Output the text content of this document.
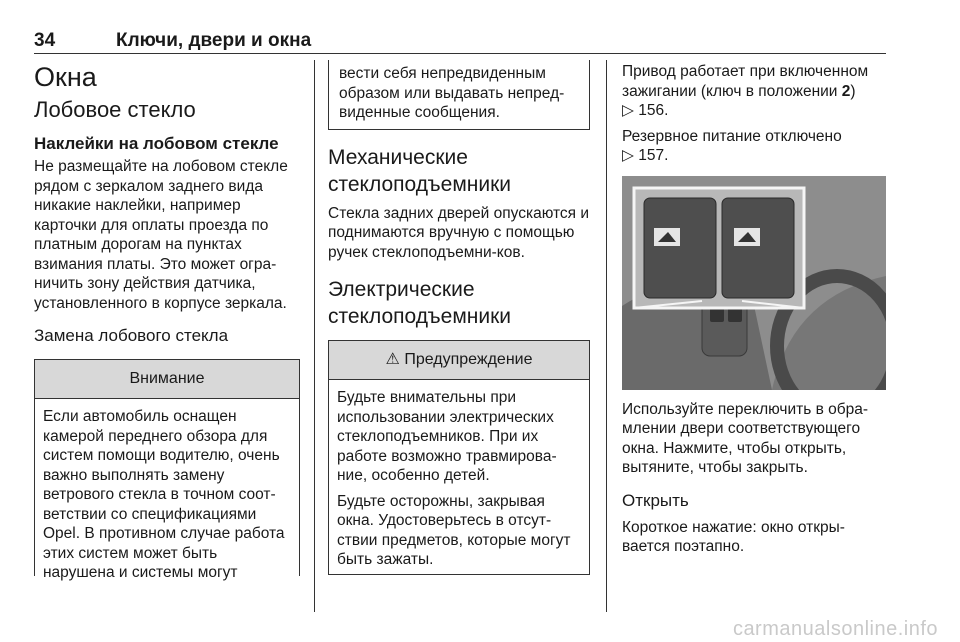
34	Ключи, двери и окна
Окна
Лобовое стекло
Наклейки на лобовом стекле

Не размещайте на лобовом стекле рядом с зеркалом заднего вида никакие наклейки, например карточки для оплаты проезда по платным дорогам на пунктах взимания платы. Это может огра-ничить зону действия датчика, установленного в корпусе зеркала.

Замена лобового стекла
Внимание

Если автомобиль оснащен камерой переднего обзора для систем помощи водителю, очень важно выполнять замену ветрового стекла в точном соот-ветствии со спецификациями Opel. В противном случае работа этих систем может быть нарушена и системы могут

вести себя непредвиденным образом или выдавать непред-виденные сообщения.

Механические стеклоподъемники

Стекла задних дверей опускаются и поднимаются вручную с помощью ручек стеклоподъемни-ков.

Электрические стеклоподъемники
⚠ Предупреждение

Будьте внимательны при использовании электрических стеклоподъемников. При их работе возможно травмирова-ние, особенно детей.

Будьте осторожны, закрывая окна. Удостоверьтесь в отсут-ствии предметов, которые могут быть зажаты.

Привод работает при включенном зажигании (ключ в положении 2)
▷ 156.

Резервное питание отключено
▷ 157.

Используйте переключить в обра-млении двери соответствующего окна. Нажмите, чтобы открыть, вытяните, чтобы закрыть.

Открыть

Короткое нажатие: окно откры-вается поэтапно.

carmanualsonline.info
